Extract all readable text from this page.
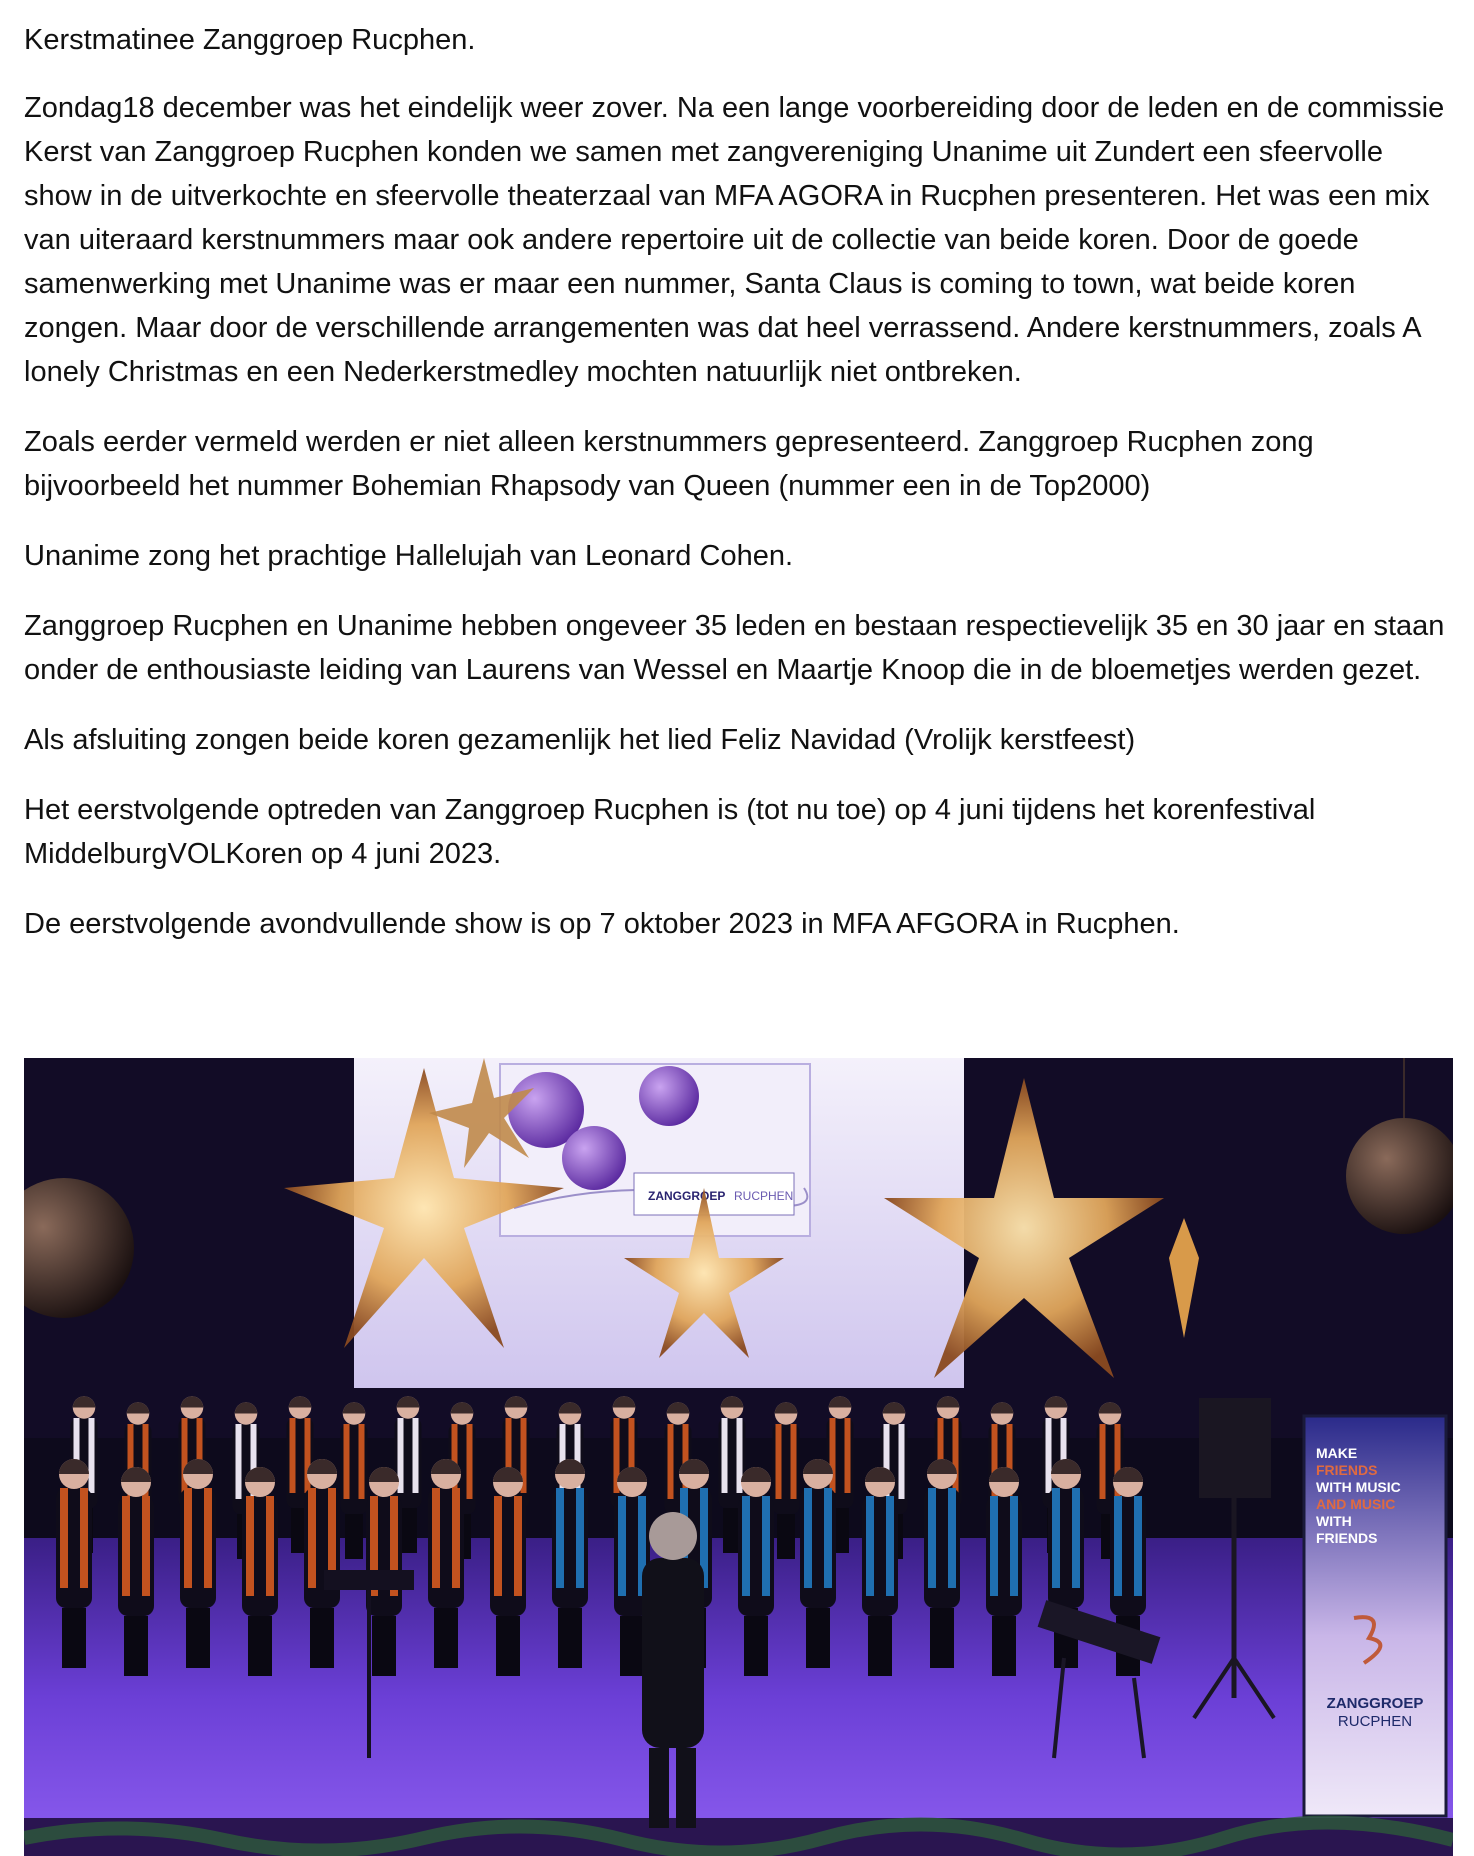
Kerstmatinee Zanggroep Rucphen.

Zondag18 december was het eindelijk weer zover. Na een lange voorbereiding door de leden en de commissie Kerst van Zanggroep Rucphen konden we samen met zangvereniging Unanime uit Zundert een sfeervolle show in de uitverkochte en sfeervolle theaterzaal van MFA AGORA in Rucphen presenteren. Het was een mix van uiteraard kerstnummers maar ook andere repertoire uit de collectie van beide koren. Door de goede samenwerking met Unanime was er maar een nummer, Santa Claus is coming to town, wat beide koren zongen. Maar door de verschillende arrangementen was dat heel verrassend. Andere kerstnummers, zoals A lonely Christmas en een Nederkerstmedley mochten natuurlijk niet ontbreken.

Zoals eerder vermeld werden er niet alleen kerstnummers gepresenteerd. Zanggroep Rucphen zong bijvoorbeeld het nummer Bohemian Rhapsody van Queen (nummer een in de Top2000)

Unanime zong het prachtige Hallelujah van Leonard Cohen.

Zanggroep Rucphen en Unanime hebben ongeveer 35 leden en bestaan respectievelijk 35 en 30 jaar en staan onder de enthousiaste leiding van Laurens van Wessel en Maartje Knoop die in de bloemetjes werden gezet.

Als afsluiting zongen beide koren gezamenlijk het lied Feliz Navidad (Vrolijk kerstfeest)

Het eerstvolgende optreden van Zanggroep Rucphen is (tot nu toe) op 4 juni tijdens het korenfestival MiddelburgVOLKoren op 4 juni 2023.

De eerstvolgende avondvullende show is op 7 oktober 2023 in MFA AFGORA in Rucphen.

ZANGGROEP RUCPHEN
MAKE
FRIENDS
WITH MUSIC
AND MUSIC
WITH
FRIENDS
ZANGGROEP
RUCPHEN
